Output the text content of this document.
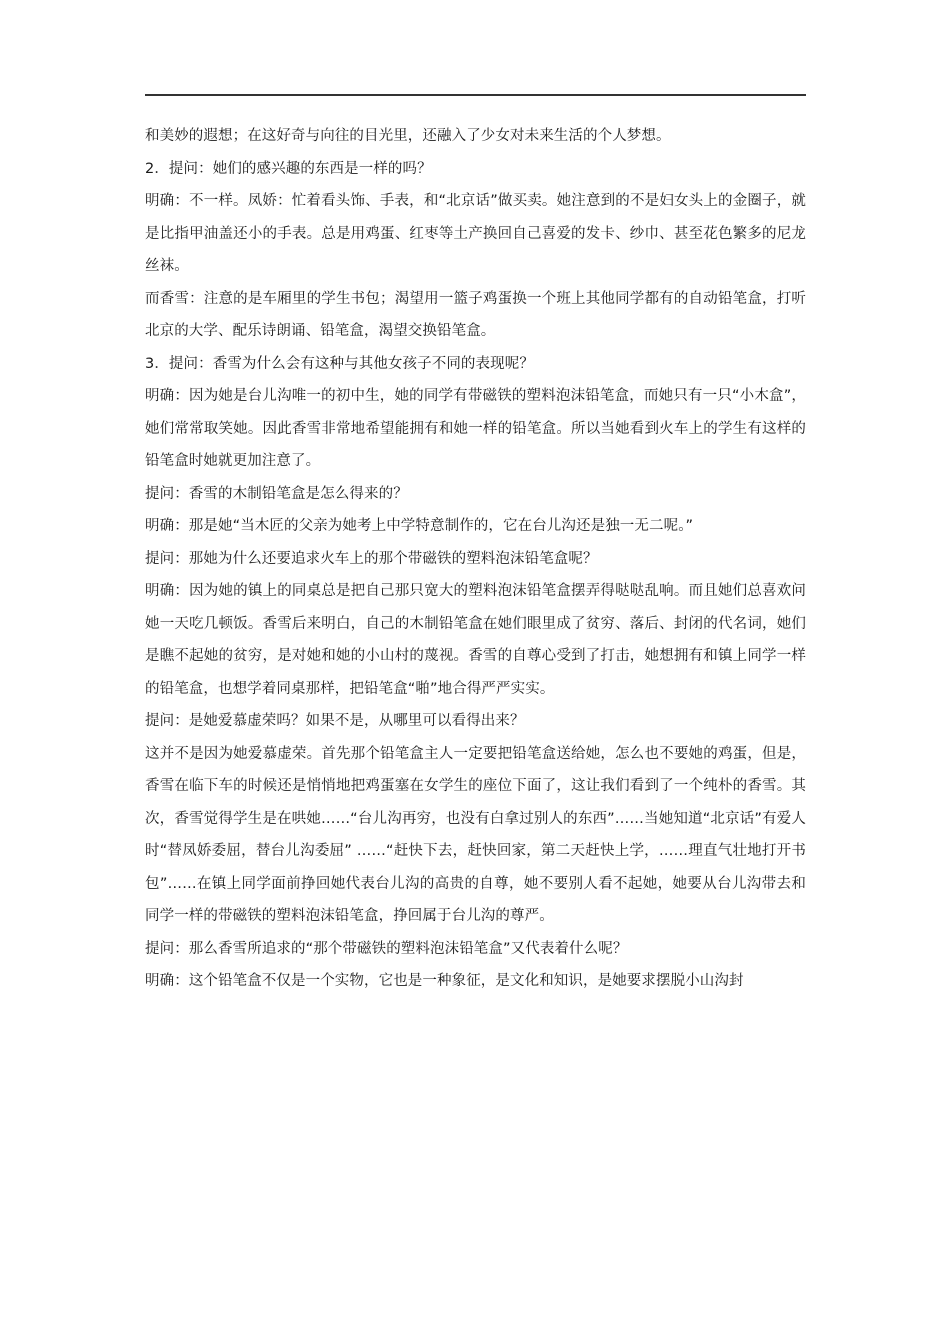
和美妙的遐想；在这好奇与向往的目光里，还融入了少女对未来生活的个人梦想。

2．提问：她们的感兴趣的东西是一样的吗？

明确：不一样。凤娇：忙着看头饰、手表，和“北京话”做买卖。她注意到的不是妇女头上的金圈子，就是比指甲油盖还小的手表。总是用鸡蛋、红枣等土产换回自己喜爱的发卡、纱巾、甚至花色繁多的尼龙丝袜。

而香雪：注意的是车厢里的学生书包；渴望用一篮子鸡蛋换一个班上其他同学都有的自动铅笔盒，打听北京的大学、配乐诗朗诵、铅笔盒，渴望交换铅笔盒。

3．提问：香雪为什么会有这种与其他女孩子不同的表现呢？

明确：因为她是台儿沟唯一的初中生，她的同学有带磁铁的塑料泡沫铅笔盒，而她只有一只“小木盒”，她们常常取笑她。因此香雪非常地希望能拥有和她一样的铅笔盒。所以当她看到火车上的学生有这样的铅笔盒时她就更加注意了。

提问：香雪的木制铅笔盒是怎么得来的？

明确：那是她“当木匠的父亲为她考上中学特意制作的，它在台儿沟还是独一无二呢。”

提问：那她为什么还要追求火车上的那个带磁铁的塑料泡沫铅笔盒呢？

明确：因为她的镇上的同桌总是把自己那只宽大的塑料泡沫铅笔盒摆弄得哒哒乱响。而且她们总喜欢问她一天吃几顿饭。香雪后来明白，自己的木制铅笔盒在她们眼里成了贫穷、落后、封闭的代名词，她们是瞧不起她的贫穷，是对她和她的小山村的蔑视。香雪的自尊心受到了打击，她想拥有和镇上同学一样的铅笔盒，也想学着同桌那样，把铅笔盒“啪”地合得严严实实。

提问：是她爱慕虚荣吗？如果不是，从哪里可以看得出来？

这并不是因为她爱慕虚荣。首先那个铅笔盒主人一定要把铅笔盒送给她，怎么也不要她的鸡蛋，但是，香雪在临下车的时候还是悄悄地把鸡蛋塞在女学生的座位下面了，这让我们看到了一个纯朴的香雪。其次，香雪觉得学生是在哄她……“台儿沟再穷，也没有白拿过别人的东西”……当她知道“北京话”有爱人时“替凤娇委屈，替台儿沟委屈” ……“赶快下去，赶快回家，第二天赶快上学，……理直气壮地打开书包”……在镇上同学面前挣回她代表台儿沟的高贵的自尊，她不要别人看不起她，她要从台儿沟带去和同学一样的带磁铁的塑料泡沫铅笔盒，挣回属于台儿沟的尊严。

提问：那么香雪所追求的“那个带磁铁的塑料泡沫铅笔盒”又代表着什么呢？

明确：这个铅笔盒不仅是一个实物，它也是一种象征，是文化和知识，是她要求摆脱小山沟封
